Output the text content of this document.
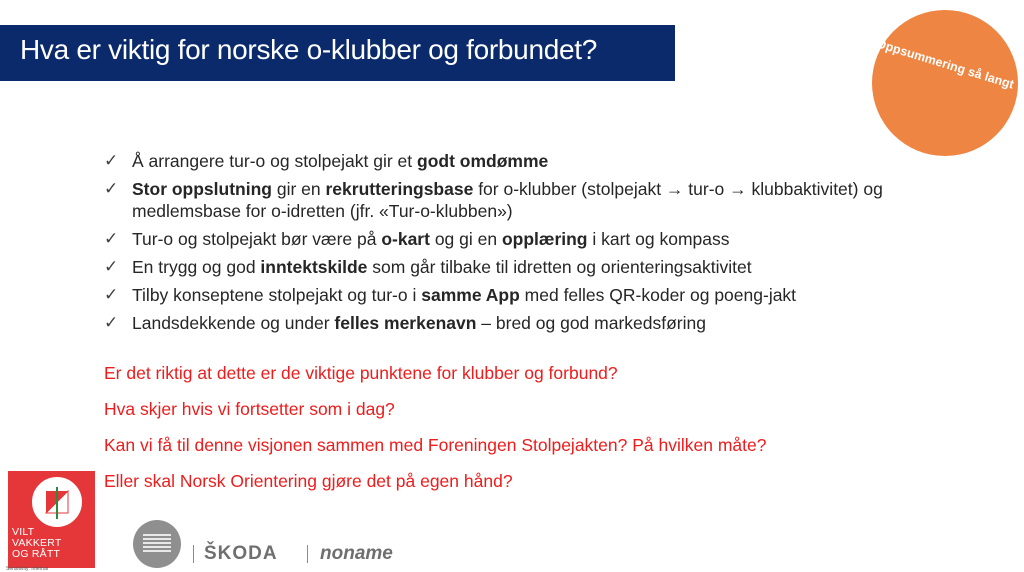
Hva er viktig for norske o-klubber og forbundet?	Oppsummering så langt
✓ Å arrangere tur-o og stolpejakt gir et godt omdømme
✓ Stor oppslutning gir en rekrutteringsbase for o-klubber (stolpejakt → tur-o → klubbaktivitet) og medlemsbase for o-idretten (jfr. «Tur-o-klubben»)
✓ Tur-o og stolpejakt bør være på o-kart og gi en opplæring i kart og kompass
✓ En trygg og god inntektskilde som går tilbake til idretten og orienteringsaktivitet
✓ Tilby konseptene stolpejakt og tur-o i samme App med felles QR-koder og poeng-jakt
✓ Landsdekkende og under felles merkenavn – bred og god markedsføring
Er det riktig at dette er de viktige punktene for klubber og forbund?
Hva skjer hvis vi fortsetter som i dag?
Kan vi få til denne visjonen sammen med Foreningen Stolpejakten? På hvilken måte?
Eller skal Norsk Orientering gjøre det på egen hånd?
VILT
VAKKERT
OG RÅTT	ŠKODA noname
Sensitivity: Internal
